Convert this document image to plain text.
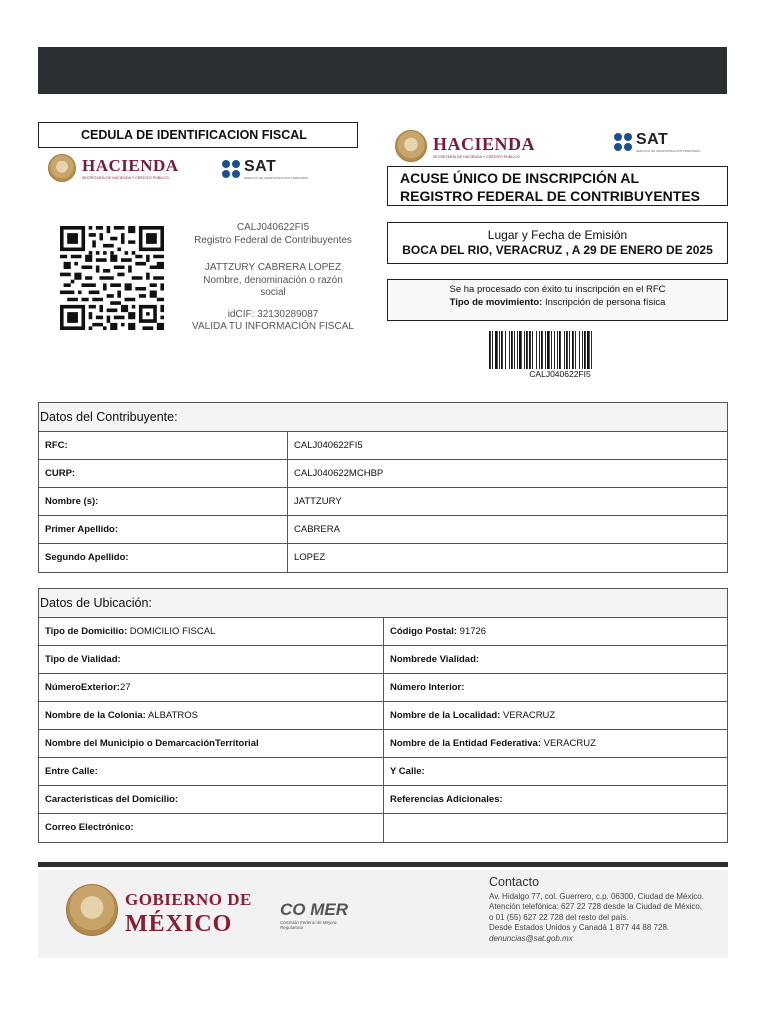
CEDULA DE IDENTIFICACION FISCAL
HACIENDA
SECRETARÍA DE HACIENDA Y CRÉDITO PÚBLICO
SAT
SERVICIO DE ADMINISTRACIÓN TRIBUTARIA
CALJ040622FI5
Registro Federal de Contribuyentes
JATTZURY CABRERA LOPEZ
Nombre, denominación o razón social
idCIF: 32130289087
VALIDA TU INFORMACIÓN FISCAL
HACIENDA
SECRETARÍA DE HACIENDA Y CRÉDITO PÚBLICO
SAT
SERVICIO DE ADMINISTRACIÓN TRIBUTARIA
ACUSE ÚNICO DE INSCRIPCIÓN AL
REGISTRO FEDERAL DE CONTRIBUYENTES
Lugar y Fecha de Emisión
BOCA DEL RIO, VERACRUZ , A 29 DE ENERO DE 2025
Se ha procesado con éxito tu inscripción en el RFC
Tipo de movimiento: Inscripción de persona física
CALJ040622FI5
Datos del Contribuyente:
RFC:	CALJ040622FI5
CURP:	CALJ040622MCHBP
Nombre (s):	JATTZURY
Primer Apellido:	CABRERA
Segundo Apellido:	LOPEZ
Datos de Ubicación:
Tipo de Domicilio: DOMICILIO FISCAL	Código Postal: 91726
Tipo de Vialidad:	Nombrede Vialidad:
NúmeroExterior:27	Número Interior:
Nombre de la Colonia: ALBATROS	Nombre de la Localidad: VERACRUZ
Nombre del Municipio o DemarcaciónTerritorial	Nombre de la Entidad Federativa: VERACRUZ
Entre Calle:	Y Calle:
Caracteristicas del Domicilio:	Referencias Adicionales:
Correo Electrónico:
GOBIERNO DE
MÉXICO
CO MER
Comisión Federal de Mejora Regulatoria
Contacto
Av. Hidalgo 77, col. Guerrero, c.p. 06300, Ciudad de México.
Atención telefónica: 627 22 728 desde la Ciudad de México,
o 01 (55) 627 22 728 del resto del país.
Desde Estados Unidos y Canadá 1 877 44 88 728.
denuncias@sat.gob.mx
